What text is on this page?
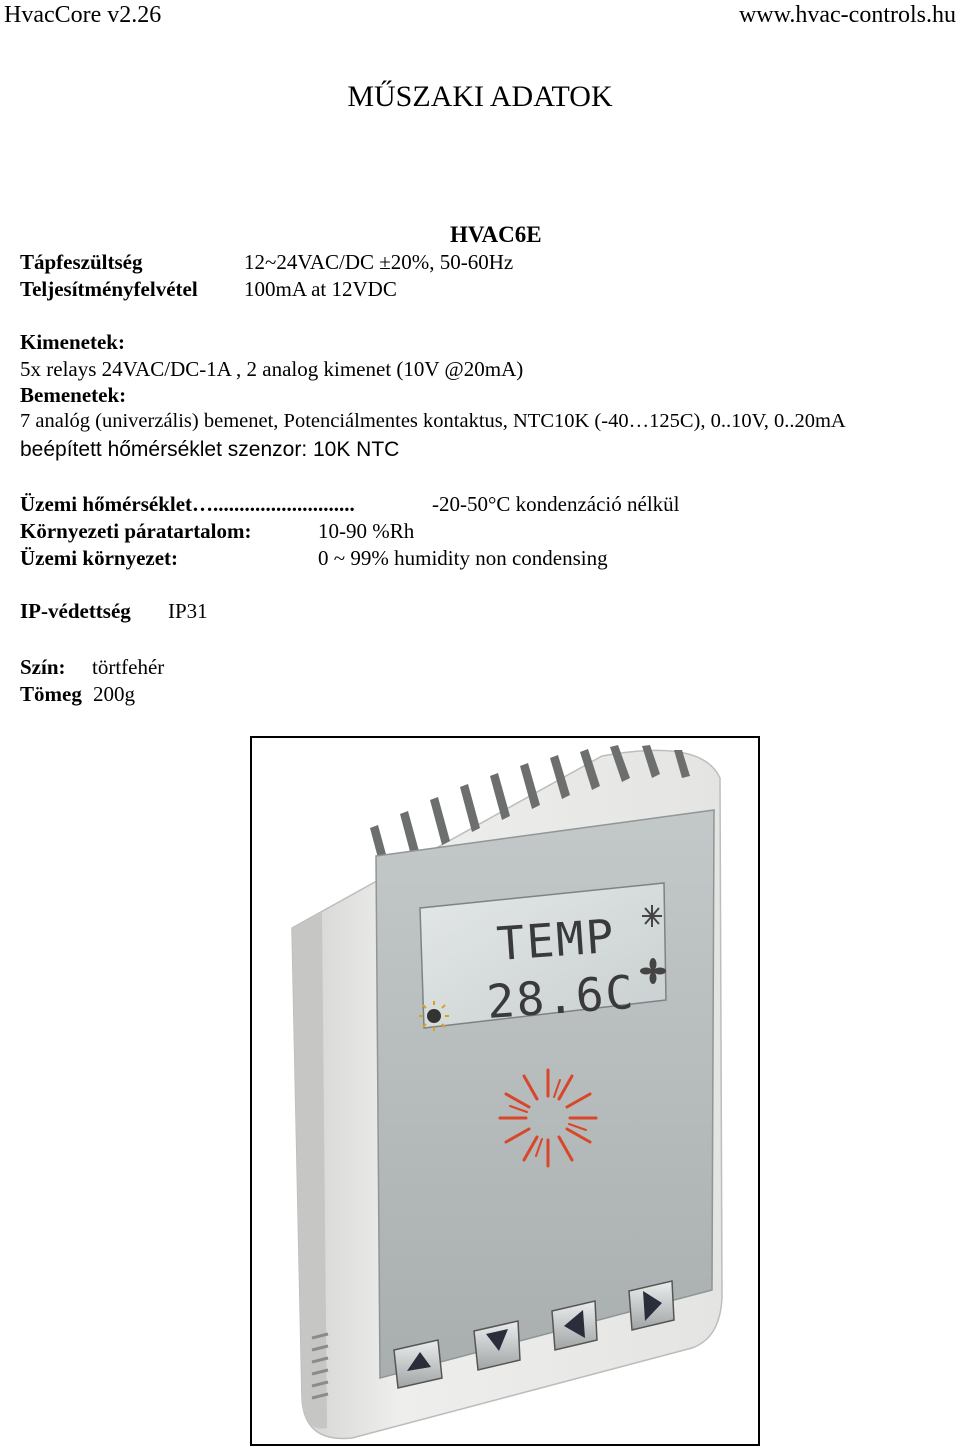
HvacCore v2.26	www.hvac-controls.hu
MŰSZAKI ADATOK
HVAC6E
Tápfeszültség	12~24VAC/DC ±20%, 50-60Hz
Teljesítményfelvétel 100mA at 12VDC
Kimenetek:
5x relays 24VAC/DC-1A , 2 analog kimenet (10V @20mA)
Bemenetek:
7 analóg (univerzális) bemenet, Potenciálmentes kontaktus, NTC10K (-40…125C), 0..10V, 0..20mA
beépített hőmérséklet szenzor: 10K NTC
Üzemi hőmérséklet…...........................	-20-50°C kondenzáció nélkül
Környezeti páratartalom:	10-90 %Rh
Üzemi környezet:	0 ~ 99% humidity non condensing
IP-védettség IP31
Szín: törtfehér
Tömeg 200g
TEMP
28.6C
